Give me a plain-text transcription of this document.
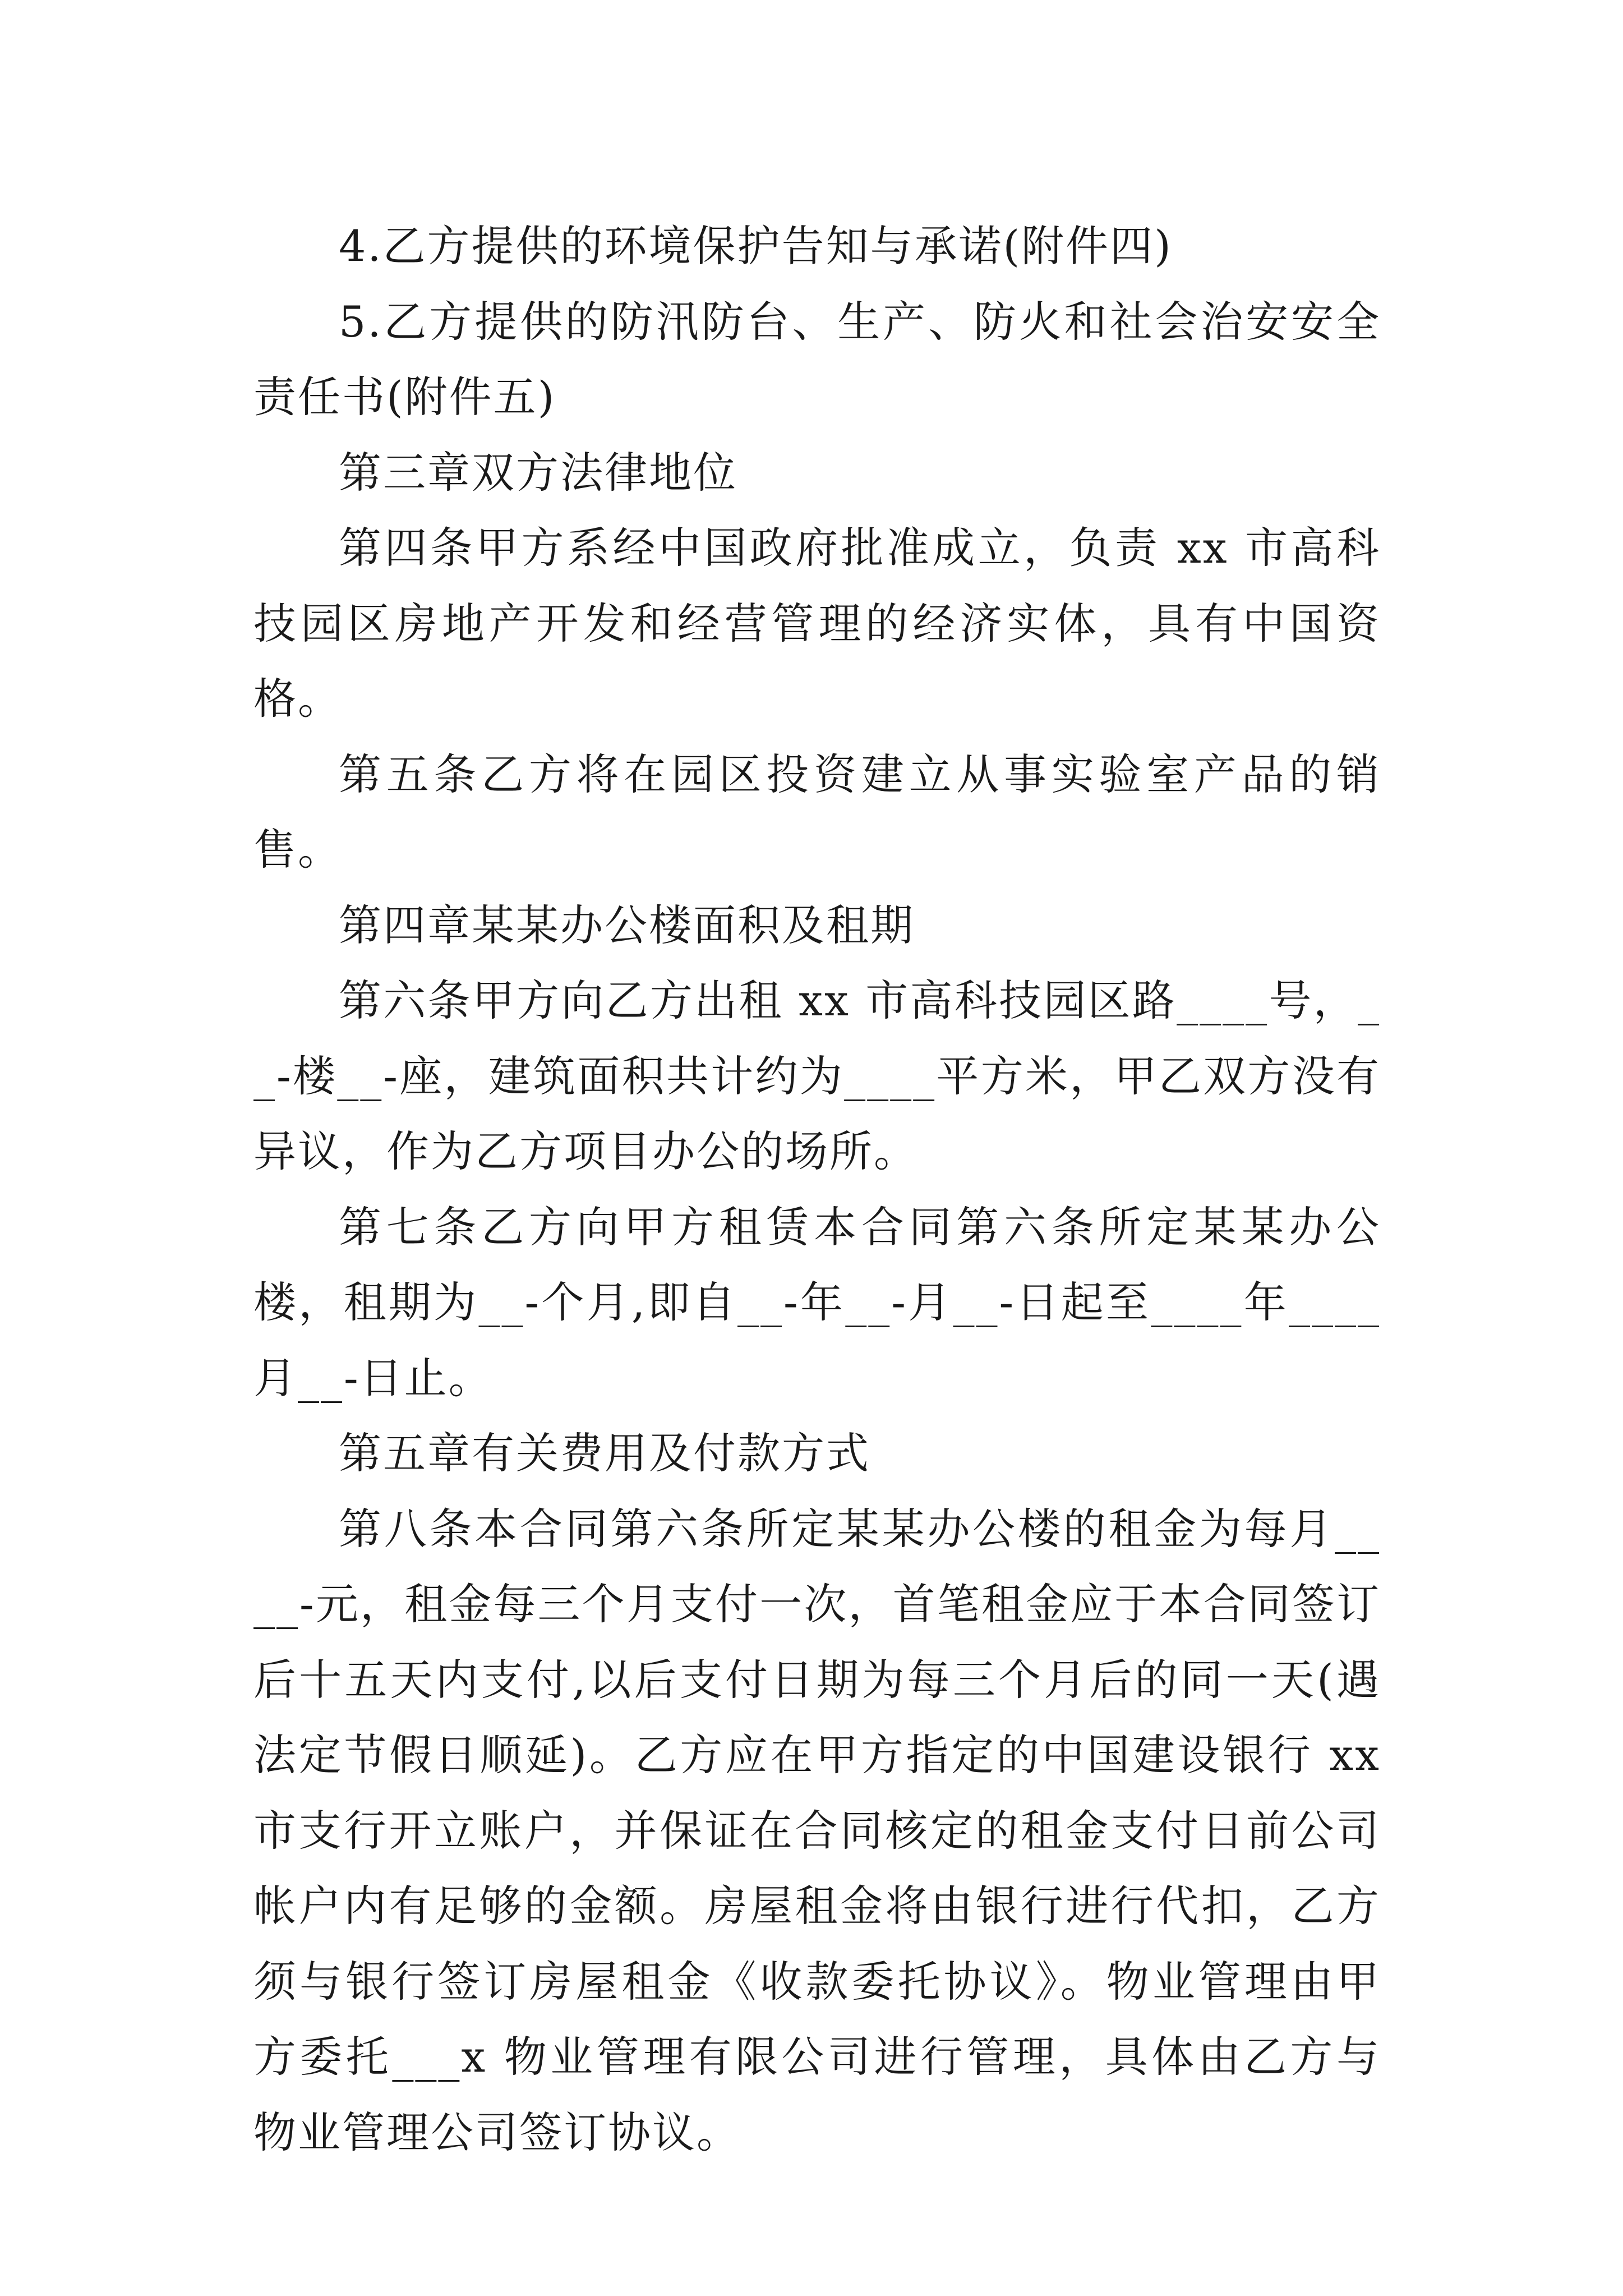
4.乙方提供的环境保护告知与承诺(附件四)

5.乙方提供的防汛防台、生产、防火和社会治安安全责任书(附件五)

第三章双方法律地位

第四条甲方系经中国政府批准成立，负责 xx 市高科技园区房地产开发和经营管理的经济实体，具有中国资格。

第五条乙方将在园区投资建立从事实验室产品的销售。

第四章某某办公楼面积及租期

第六条甲方向乙方出租 xx 市高科技园区路____号，__-楼__-座，建筑面积共计约为____平方米，甲乙双方没有异议，作为乙方项目办公的场所。

第七条乙方向甲方租赁本合同第六条所定某某办公楼，租期为__-个月,即自__-年__-月__-日起至____年____月__-日止。

第五章有关费用及付款方式

第八条本合同第六条所定某某办公楼的租金为每月____-元，租金每三个月支付一次，首笔租金应于本合同签订后十五天内支付,以后支付日期为每三个月后的同一天(遇法定节假日顺延)。乙方应在甲方指定的中国建设银行 xx 市支行开立账户，并保证在合同核定的租金支付日前公司帐户内有足够的金额。房屋租金将由银行进行代扣，乙方须与银行签订房屋租金《收款委托协议》。物业管理由甲方委托___x 物业管理有限公司进行管理，具体由乙方与物业管理公司签订协议。
